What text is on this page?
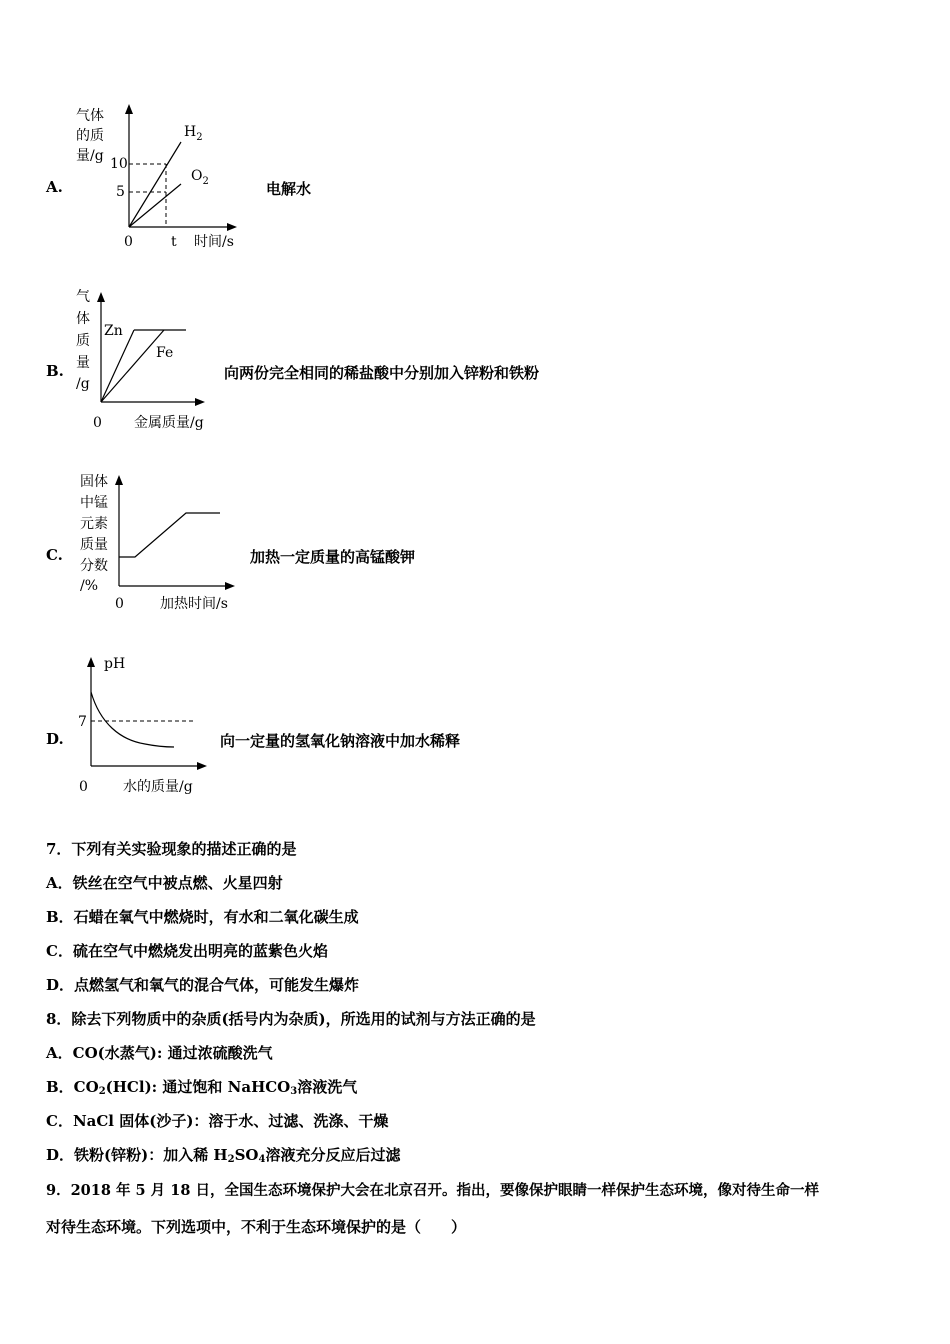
A.
气体
的质
量/g 10
5
$H_2$
$O_2$
0	t 时间/s
电解水
B.
气
体
质
量
/g
Zn
Fe
0 金属质量/g
向两份完全相同的稀盐酸中分别加入锌粉和铁粉
C.
固体
中锰
元素
质量
分数
/%
0	加热时间/s
加热一定质量的高锰酸钾
D.
pH
7
0	水的质量/g
向一定量的氢氧化钠溶液中加水稀释
7．下列有关实验现象的描述正确的是
A．铁丝在空气中被点燃、火星四射
B．石蜡在氧气中燃烧时，有水和二氧化碳生成
C．硫在空气中燃烧发出明亮的蓝紫色火焰
D．点燃氢气和氧气的混合气体，可能发生爆炸
8．除去下列物质中的杂质(括号内为杂质)，所选用的试剂与方法正确的是
A．CO(水蒸气): 通过浓硫酸洗气
B．$CO_2(HCl)$: 通过饱和 NaHCO$_3$溶液洗气
C．NaCl 固体(沙子)：溶于水、过滤、洗涤、干燥
D．铁粉(锌粉)：加入稀 $H_2SO_4$溶液充分反应后过滤
9．2018 年 5 月 18 日，全国生态环境保护大会在北京召开。指出，要像保护眼睛一样保护生态环境，像对待生命一样
对待生态环境。下列选项中，不利于生态环境保护的是（　　）
